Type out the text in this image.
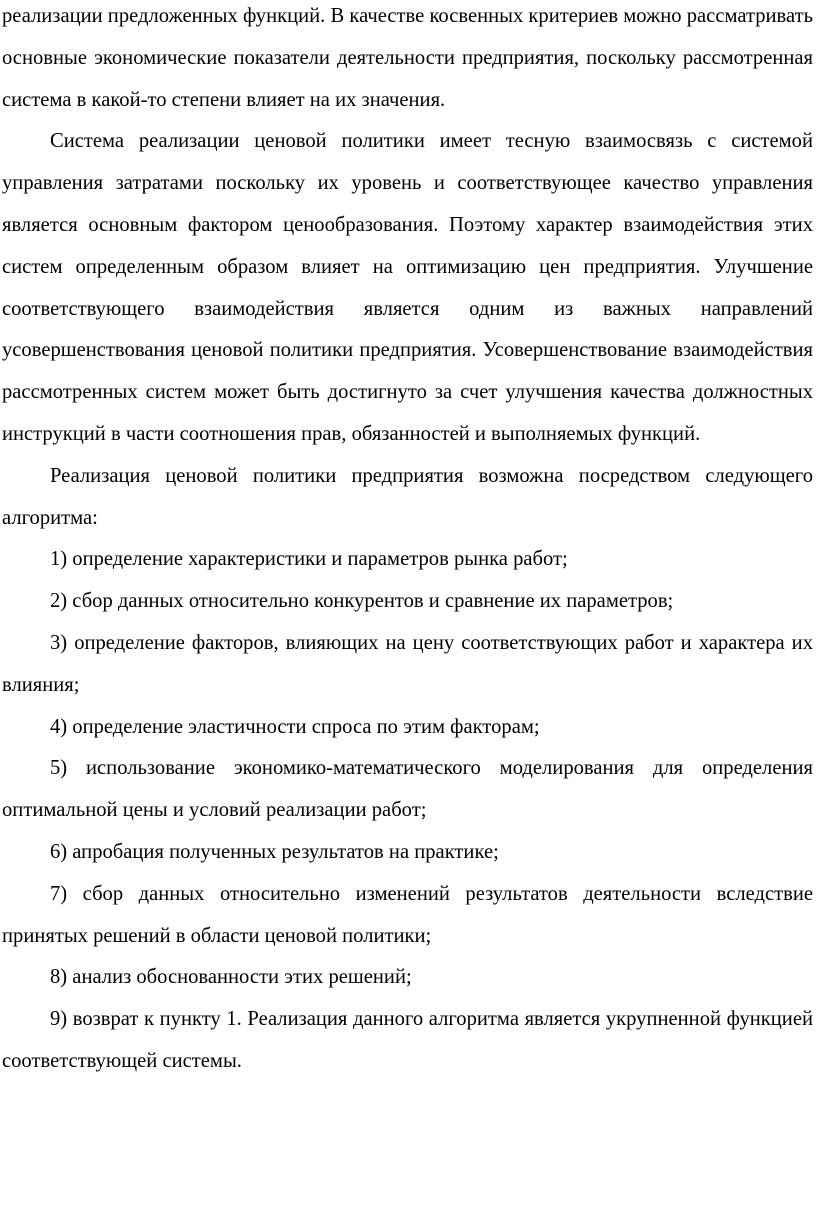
реализации предложенных функций. В качестве косвенных критериев можно рассматривать основные экономические показатели деятельности предприятия, поскольку рассмотренная система в какой-то степени влияет на их значения.

Система реализации ценовой политики имеет тесную взаимосвязь с системой управления затратами поскольку их уровень и соответствующее качество управления является основным фактором ценообразования. Поэтому характер взаимодействия этих систем определенным образом влияет на оптимизацию цен предприятия. Улучшение соответствующего взаимодействия является одним из важных направлений усовершенствования ценовой политики предприятия. Усовершенствование взаимодействия рассмотренных систем может быть достигнуто за счет улучшения качества должностных инструкций в части соотношения прав, обязанностей и выполняемых функций.

Реализация ценовой политики предприятия возможна посредством следующего алгоритма:

1) определение характеристики и параметров рынка работ;

2) сбор данных относительно конкурентов и сравнение их параметров;

3) определение факторов, влияющих на цену соответствующих работ и характера их влияния;

4) определение эластичности спроса по этим факторам;

5) использование экономико-математического моделирования для определения оптимальной цены и условий реализации работ;

6) апробация полученных результатов на практике;

7) сбор данных относительно изменений результатов деятельности вследствие принятых решений в области ценовой политики;

8) анализ обоснованности этих решений;

9) возврат к пункту 1. Реализация данного алгоритма является укрупненной функцией соответствующей системы.
